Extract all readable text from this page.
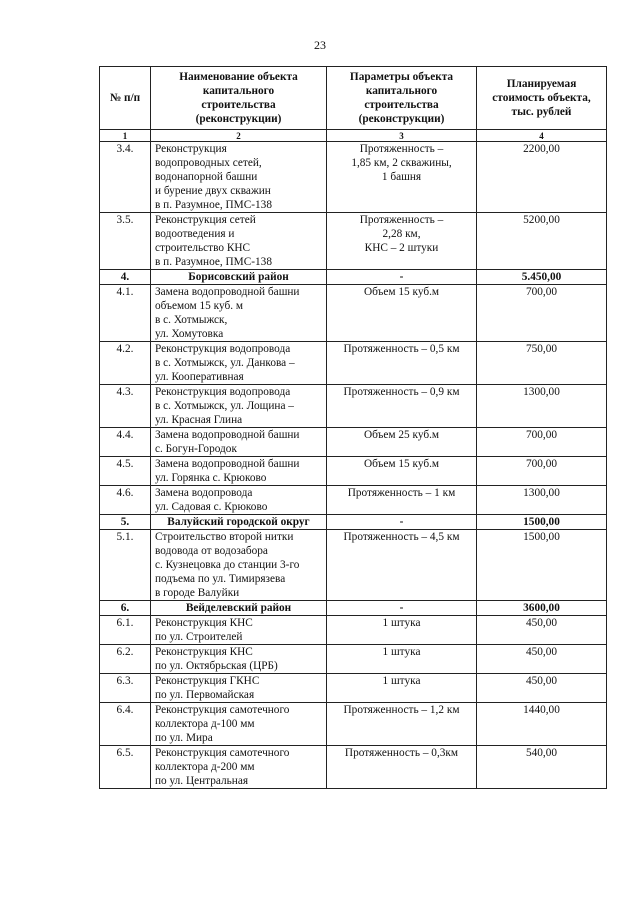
23
№ п/п	Наименование объекта
капитального
строительства
(реконструкции)	Параметры объекта
капитального
строительства
(реконструкции)	Планируемая
стоимость объекта,
тыс. рублей

1	2	3	4
3.4.	Реконструкция
водопроводных сетей,
водонапорной башни
и бурение двух скважин
в п. Разумное, ПМС-138	Протяженность –
1,85 км, 2 скважины,
1 башня	2200,00
3.5.	Реконструкция сетей
водоотведения и
строительство КНС
в п. Разумное, ПМС-138	Протяженность –
2,28 км,
КНС – 2 штуки	5200,00
4.	Борисовский район	-	5.450,00
4.1.	Замена водопроводной башни
объемом 15 куб. м
в с. Хотмыжск,
ул. Хомутовка	Объем 15 куб.м	700,00
4.2.	Реконструкция водопровода
в с. Хотмыжск, ул. Данкова –
ул. Кооперативная	Протяженность – 0,5 км	750,00
4.3.	Реконструкция водопровода
в с. Хотмыжск, ул. Лощина –
ул. Красная Глина	Протяженность – 0,9 км	1300,00
4.4.	Замена водопроводной башни
с. Богун-Городок	Объем 25 куб.м	700,00
4.5.	Замена водопроводной башни
ул. Горянка с. Крюково	Объем 15 куб.м	700,00
4.6.	Замена водопровода
ул. Садовая с. Крюково	Протяженность – 1 км	1300,00
5.	Валуйский городской округ	-	1500,00
5.1.	Строительство второй нитки
водовода от водозабора
с. Кузнецовка до станции 3-го
подъема по ул. Тимирязева
в городе Валуйки	Протяженность – 4,5 км	1500,00
6.	Вейделевский район	-	3600,00
6.1.	Реконструкция КНС
по ул. Строителей	1 штука	450,00
6.2.	Реконструкция КНС
по ул. Октябрьская (ЦРБ)	1 штука	450,00
6.3.	Реконструкция ГКНС
по ул. Первомайская	1 штука	450,00
6.4.	Реконструкция самотечного
коллектора д-100 мм
по ул. Мира	Протяженность – 1,2 км	1440,00
6.5.	Реконструкция самотечного
коллектора д-200 мм
по ул. Центральная	Протяженность – 0,3км	540,00
